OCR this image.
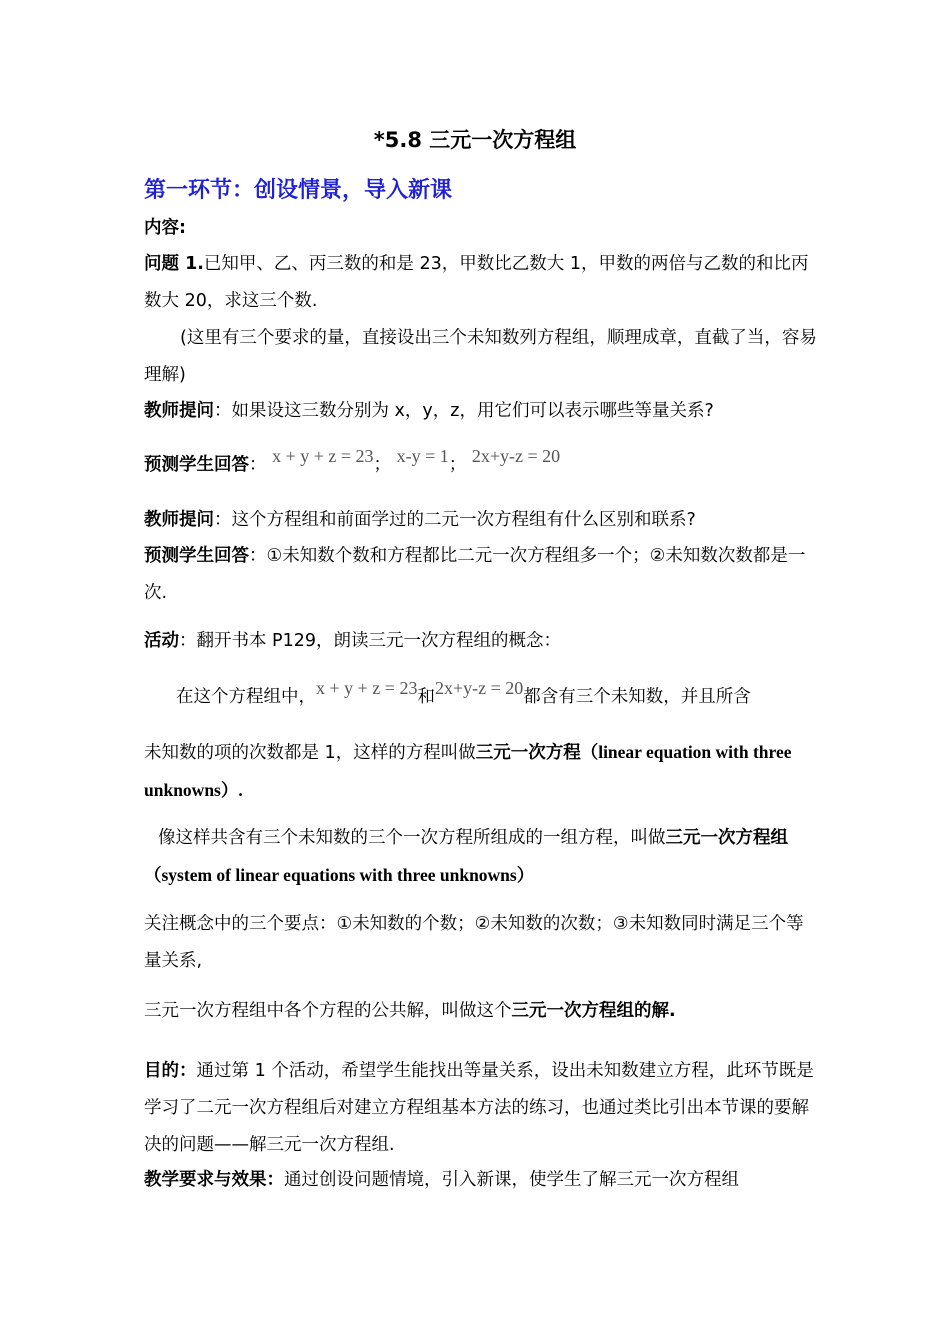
*5.8 三元一次方程组
第一环节：创设情景，导入新课
内容:
问题 1.已知甲、乙、丙三数的和是 23，甲数比乙数大 1，甲数的两倍与乙数的和比丙数大 20，求这三个数.
(这里有三个要求的量，直接设出三个未知数列方程组，顺理成章，直截了当，容易理解)
教师提问：如果设这三数分别为 x，y，z，用它们可以表示哪些等量关系?
预测学生回答： x + y + z = 23； x-y = 1； 2x+y-z = 20
教师提问：这个方程组和前面学过的二元一次方程组有什么区别和联系?
预测学生回答：①未知数个数和方程都比二元一次方程组多一个；②未知数次数都是一次.
活动：翻开书本 P129，朗读三元一次方程组的概念：
在这个方程组中，x + y + z = 23和2x+y-z = 20都含有三个未知数，并且所含
未知数的项的次数都是 1，这样的方程叫做三元一次方程（linear equation with three unknowns）.
像这样共含有三个未知数的三个一次方程所组成的一组方程，叫做三元一次方程组（system of linear equations with three unknowns）
关注概念中的三个要点：①未知数的个数；②未知数的次数；③未知数同时满足三个等量关系,
三元一次方程组中各个方程的公共解，叫做这个三元一次方程组的解.
目的：通过第 1 个活动，希望学生能找出等量关系，设出未知数建立方程，此环节既是学习了二元一次方程组后对建立方程组基本方法的练习，也通过类比引出本节课的要解决的问题——解三元一次方程组.
教学要求与效果：通过创设问题情境，引入新课，使学生了解三元一次方程组
